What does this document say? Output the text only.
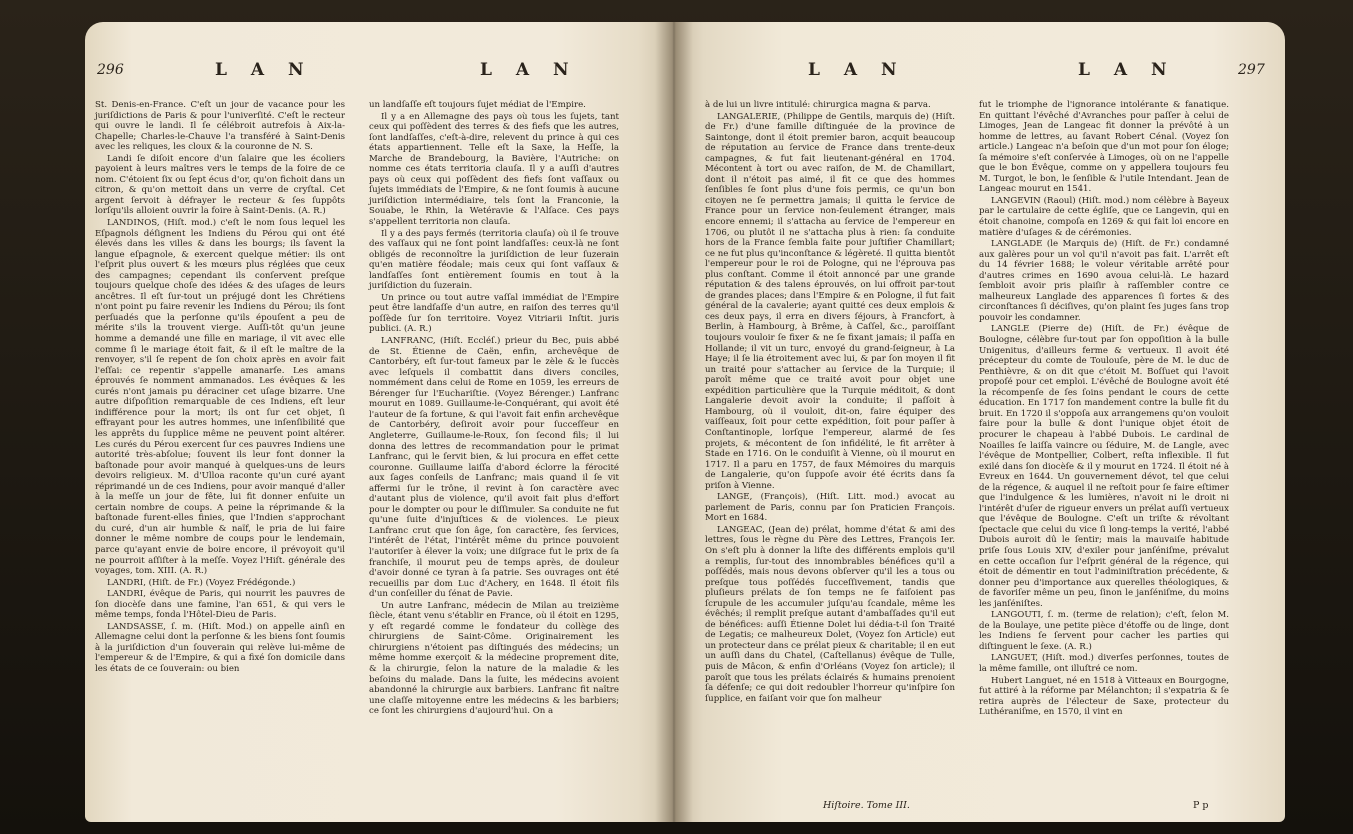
296	L A N	L A N

St. Denis-en-France. C'eſt un jour de vacance pour les juriſdictions de Paris & pour l'univerſité. C'eſt le recteur qui ouvre le landi. Il ſe célébroit autrefois à Aix-la-Chapelle; Charles-le-Chauve l'a transféré à Saint-Denis avec les reliques, les cloux & la couronne de N. S.

Landi ſe diſoit encore d'un ſalaire que les écoliers payoient à leurs maîtres vers le temps de la foire de ce nom. C'étoient ſix ou ſept écus d'or, qu'on fichoit dans un citron, & qu'on mettoit dans un verre de cryſtal. Cet argent ſervoit à défrayer le recteur & ſes ſuppôts lorſqu'ils alloient ouvrir la foire à Saint-Denis. (A. R.)

LANDINOS, (Hiſt. mod.) c'eſt le nom ſous lequel les Eſpagnols déſignent les Indiens du Pérou qui ont été élevés dans les villes & dans les bourgs; ils ſavent la langue eſpagnole, & exercent quelque métier: ils ont l'eſprit plus ouvert & les mœurs plus réglées que ceux des campagnes; cependant ils conſervent preſque toujours quelque choſe des idées & des uſages de leurs ancêtres. Il eſt ſur-tout un préjugé dont les Chrétiens n'ont point pu faire revenir les Indiens du Pérou; ils ſont perſuadés que la perſonne qu'ils épouſent a peu de mérite s'ils la trouvent vierge. Auſſi-tôt qu'un jeune homme a demandé une fille en mariage, il vit avec elle comme ſi le mariage étoit fait, & il eſt le maître de la renvoyer, s'il ſe repent de ſon choix après en avoir fait l'eſſai: ce repentir s'appelle amanarſe. Les amans éprouvés ſe nomment ammanados. Les évêques & les curés n'ont jamais pu déraciner cet uſage bizarre. Une autre diſpoſition remarquable de ces Indiens, eſt leur indifférence pour la mort; ils ont ſur cet objet, ſi effrayant pour les autres hommes, une inſenſibilité que les apprêts du ſupplice même ne peuvent point altérer. Les curés du Pérou exercent ſur ces pauvres Indiens une autorité très-abſolue; ſouvent ils leur font donner la baſtonade pour avoir manqué à quelques-uns de leurs devoirs religieux. M. d'Ulloa raconte qu'un curé ayant réprimandé un de ces Indiens, pour avoir manqué d'aller à la meſſe un jour de fête, lui fit donner enſuite un certain nombre de coups. A peine la réprimande & la baſtonade furent-elles finies, que l'Indien s'approchant du curé, d'un air humble & naïf, le pria de lui faire donner le même nombre de coups pour le lendemain, parce qu'ayant envie de boire encore, il prévoyoit qu'il ne pourroit aſſiſter à la meſſe. Voyez l'Hiſt. générale des voyages, tom. XIII. (A. R.)

LANDRI, (Hiſt. de Fr.) (Voyez Frédégonde.)

LANDRI, évêque de Paris, qui nourrit les pauvres de ſon diocèſe dans une famine, l'an 651, & qui vers le même temps, fonda l'Hôtel-Dieu de Paris.

LANDSASSE, ſ. m. (Hiſt. Mod.) on appelle ainſi en Allemagne celui dont la perſonne & les biens ſont ſoumis à la juriſdiction d'un ſouverain qui relève lui-même de l'empereur & de l'Empire, & qui a fixé ſon domicile dans les états de ce ſouverain: ou bien

un landſaſſe eſt toujours ſujet médiat de l'Empire.

Il y a en Allemagne des pays où tous les ſujets, tant ceux qui poſſèdent des terres & des fiefs que les autres, ſont landſaſſes, c'eſt-à-dire, relevent du prince à qui ces états appartiennent. Telle eſt la Saxe, la Heſſe, la Marche de Brandebourg, la Bavière, l'Autriche: on nomme ces états territoria clauſa. Il y a auſſi d'autres pays où ceux qui poſſèdent des fiefs ſont vaſſaux ou ſujets immédiats de l'Empire, & ne ſont ſoumis à aucune juriſdiction intermédiaire, tels ſont la Franconie, la Souabe, le Rhin, la Wetéravie & l'Alſace. Ces pays s'appellent territoria non clauſa.

Il y a des pays fermés (territoria clauſa) où il ſe trouve des vaſſaux qui ne ſont point landſaſſes: ceux-là ne ſont obligés de reconnoître la juriſdiction de leur ſuzerain qu'en matière féodale; mais ceux qui ſont vaſſaux & landſaſſes ſont entièrement ſoumis en tout à la juriſdiction du ſuzerain.

Un prince ou tout autre vaſſal immédiat de l'Empire peut être landſaſſe d'un autre, en raiſon des terres qu'il poſſède ſur ſon territoire. Voyez Vitriarii Inſtit. juris publici. (A. R.)

LANFRANC, (Hiſt. Eccléſ.) prieur du Bec, puis abbé de St. Étienne de Caën, enfin, archevêque de Cantorbéry, eſt ſur-tout fameux par le zèle & le ſuccès avec leſquels il combattit dans divers conciles, nommément dans celui de Rome en 1059, les erreurs de Bérenger ſur l'Euchariſtie. (Voyez Bérenger.) Lanfranc mourut en 1089. Guillaume-le-Conquérant, qui avoit été l'auteur de ſa fortune, & qui l'avoit fait enfin archevêque de Cantorbéry, deſiroit avoir pour ſucceſſeur en Angleterre, Guillaume-le-Roux, ſon ſecond fils; il lui donna des lettres de recommandation pour le primat Lanfranc, qui le ſervit bien, & lui procura en effet cette couronne. Guillaume laiſſa d'abord éclorre la férocité aux ſages conſeils de Lanfranc; mais quand il ſe vit affermi ſur le trône, il revint à ſon caractère avec d'autant plus de violence, qu'il avoit fait plus d'effort pour le dompter ou pour le diſſimuler. Sa conduite ne fut qu'une ſuite d'injuſtices & de violences. Le pieux Lanfranc crut que ſon âge, ſon caractère, ſes ſervices, l'intérêt de l'état, l'intérêt même du prince pouvoient l'autoriſer à élever la voix; une diſgrace fut le prix de ſa franchiſe, il mourut peu de temps après, de douleur d'avoir donné ce tyran à ſa patrie. Ses ouvrages ont été recueillis par dom Luc d'Achery, en 1648. Il étoit fils d'un conſeiller du ſénat de Pavie.

Un autre Lanfranc, médecin de Milan au treizième ſiècle, étant venu s'établir en France, où il étoit en 1295, y eſt regardé comme le fondateur du collège des chirurgiens de Saint-Côme. Originairement les chirurgiens n'étoient pas diſtingués des médecins; un même homme exerçoit & la médecine proprement dite, & la chirurgie, ſelon la nature de la maladie & les beſoins du malade. Dans la ſuite, les médecins avoient abandonné la chirurgie aux barbiers. Lanfranc fit naître une claſſe mitoyenne entre les médecins & les barbiers; ce ſont les chirurgiens d'aujourd'hui. On a

L A N	L A N	297

à de lui un livre intitulé: chirurgica magna & parva.

LANGALERIE, (Philippe de Gentils, marquis de) (Hiſt. de Fr.) d'une famille diſtinguée de la province de Saintonge, dont il étoit premier baron, acquit beaucoup de réputation au ſervice de France dans trente-deux campagnes, & fut fait lieutenant-général en 1704. Mécontent à tort ou avec raiſon, de M. de Chamillart, dont il n'étoit pas aimé, il fit ce que des hommes ſenſibles ſe ſont plus d'une fois permis, ce qu'un bon citoyen ne ſe permettra jamais; il quitta le ſervice de France pour un ſervice non-ſeulement étranger, mais encore ennemi; il s'attacha au ſervice de l'empereur en 1706, ou plutôt il ne s'attacha plus à rien: ſa conduite hors de la France ſembla faite pour juſtifier Chamillart; ce ne fut plus qu'inconſtance & légèreté. Il quitta bientôt l'empereur pour le roi de Pologne, qui ne l'éprouva pas plus conſtant. Comme il étoit annoncé par une grande réputation & des talens éprouvés, on lui offroit par-tout de grandes places; dans l'Empire & en Pologne, il fut fait général de la cavalerie; ayant quitté ces deux emplois & ces deux pays, il erra en divers ſéjours, à Francfort, à Berlin, à Hambourg, à Brême, à Caſſel, &c., paroiſſant toujours vouloir ſe fixer & ne ſe fixant jamais; il paſſa en Hollande; il vit un turc, envoyé du grand-ſeigneur, à La Haye; il ſe lia étroitement avec lui, & par ſon moyen il fit un traité pour s'attacher au ſervice de la Turquie; il paroît même que ce traité avoit pour objet une expédition particulière que la Turquie méditoit, & dont Langalerie devoit avoir la conduite; il paſſoit à Hambourg, où il vouloit, dit-on, faire équiper des vaiſſeaux, ſoit pour cette expédition, ſoit pour paſſer à Conſtantinople, lorſque l'empereur, alarmé de ſes projets, & mécontent de ſon infidélité, le fit arrêter à Stade en 1716. On le conduiſit à Vienne, où il mourut en 1717. Il a paru en 1757, de faux Mémoires du marquis de Langalerie, qu'on ſuppoſe avoir été écrits dans ſa priſon à Vienne.

LANGE, (François), (Hiſt. Litt. mod.) avocat au parlement de Paris, connu par ſon Praticien François. Mort en 1684.

LANGEAC, (Jean de) prélat, homme d'état & ami des lettres, ſous le règne du Père des Lettres, François Ier. On s'eſt plu à donner la liſte des différents emplois qu'il a remplis, ſur-tout des innombrables bénéfices qu'il a poſſédés, mais nous devons obſerver qu'il les a tous ou preſque tous poſſédés ſucceſſivement, tandis que pluſieurs prélats de ſon temps ne ſe faiſoient pas ſcrupule de les accumuler juſqu'au ſcandale, même les évêchés; il remplit preſque autant d'ambaſſades qu'il eut de bénéfices: auſſi Étienne Dolet lui dédia-t-il ſon Traité de Legatis; ce malheureux Dolet, (Voyez ſon Article) eut un protecteur dans ce prélat pieux & charitable; il en eut un auſſi dans du Chatel, (Caſtellanus) évêque de Tulle, puis de Mâcon, & enfin d'Orléans (Voyez ſon article); il paroît que tous les prélats éclairés & humains prenoient ſa défenſe; ce qui doit redoubler l'horreur qu'inſpire ſon ſupplice, en faiſant voir que ſon malheur

fut le triomphe de l'ignorance intolérante & fanatique. En quittant l'évêché d'Avranches pour paſſer à celui de Limoges, Jean de Langeac fit donner la prévôté à un homme de lettres, au ſavant Robert Cénal. (Voyez ſon article.) Langeac n'a beſoin que d'un mot pour ſon éloge; ſa mémoire s'eſt conſervée à Limoges, où on ne l'appelle que le bon Évêque, comme on y appellera toujours feu M. Turgot, le bon, le ſenſible & l'utile Intendant. Jean de Langeac mourut en 1541.

LANGEVIN (Raoul) (Hiſt. mod.) nom célèbre à Bayeux par le cartulaire de cette égliſe, que ce Langevin, qui en étoit chanoine, compoſa en 1269 & qui fait loi encore en matière d'uſages & de cérémonies.

LANGLADE (le Marquis de) (Hiſt. de Fr.) condamné aux galères pour un vol qu'il n'avoit pas fait. L'arrêt eſt du 14 février 1688; le voleur véritable arrêté pour d'autres crimes en 1690 avoua celui-là. Le hazard ſembloit avoir pris plaiſir à raſſembler contre ce malheureux Langlade des apparences ſi fortes & des circonſtances ſi déciſives, qu'on plaint ſes juges ſans trop pouvoir les condamner.

LANGLE (Pierre de) (Hiſt. de Fr.) évêque de Boulogne, célèbre ſur-tout par ſon oppoſition à la bulle Unigenitus, d'ailleurs ferme & vertueux. Il avoit été précepteur du comte de Toulouſe, père de M. le duc de Penthièvre, & on dit que c'étoit M. Boſſuet qui l'avoit propoſé pour cet emploi. L'évêché de Boulogne avoit été la récompenſe de ſes ſoins pendant le cours de cette éducation. En 1717 ſon mandement contre la bulle fit du bruit. En 1720 il s'oppoſa aux arrangemens qu'on vouloit faire pour la bulle & dont l'unique objet étoit de procurer le chapeau à l'abbé Dubois. Le cardinal de Noailles ſe laiſſa vaincre ou ſéduire, M. de Langle, avec l'évêque de Montpellier, Colbert, reſta inflexible. Il fut exilé dans ſon diocèſe & il y mourut en 1724. Il étoit né à Evreux en 1644. Un gouvernement dévot, tel que celui de la régence, & auquel il ne reſtoit pour ſe faire eſtimer que l'indulgence & les lumières, n'avoit ni le droit ni l'intérêt d'uſer de rigueur envers un prélat auſſi vertueux que l'évêque de Boulogne. C'eſt un triſte & révoltant ſpectacle que celui du vice ſi long-temps la verité, l'abbé Dubois auroit dû le ſentir; mais la mauvaiſe habitude priſe ſous Louis XIV, d'exiler pour janſéniſme, prévalut en cette occaſion ſur l'eſprit général de la régence, qui étoit de démentir en tout l'adminiſtration précédente, & donner peu d'importance aux querelles théologiques, & de favoriſer même un peu, ſinon le janſéniſme, du moins les janſéniſtes.

LANGOUTI, ſ. m. (terme de relation); c'eſt, ſelon M. de la Boulaye, une petite pièce d'étoffe ou de linge, dont les Indiens ſe ſervent pour cacher les parties qui diſtinguent le ſexe. (A. R.)

LANGUET, (Hiſt. mod.) diverſes perſonnes, toutes de la même famille, ont illuſtré ce nom.

Hubert Languet, né en 1518 à Vitteaux en Bourgogne, fut attiré à la réforme par Mélanchton; il s'expatria & ſe retira auprès de l'électeur de Saxe, protecteur du Luthéraniſme, en 1570, il vint en

Hiſtoire. Tome III.	P p
